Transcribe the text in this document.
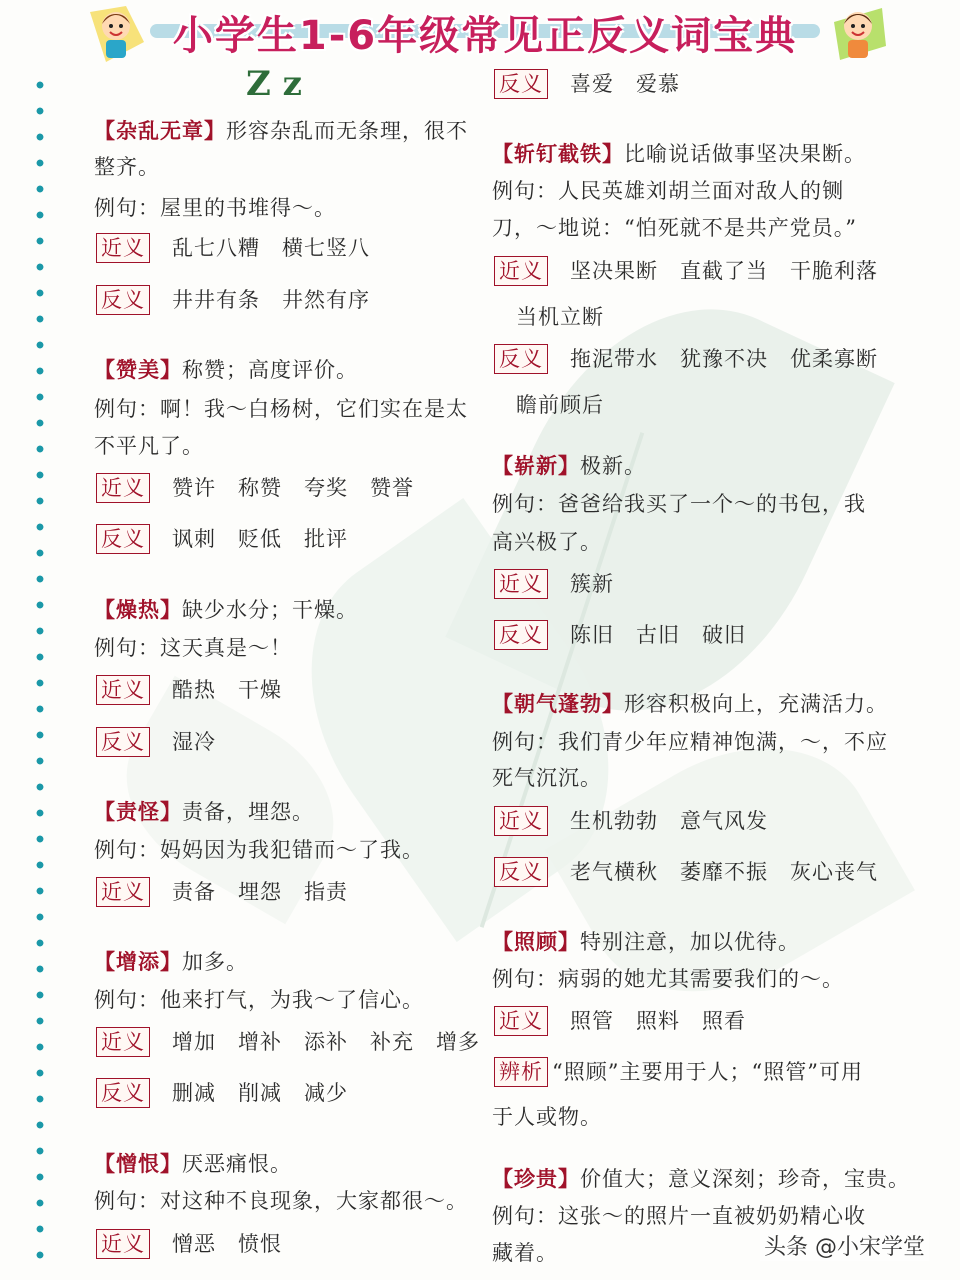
小学生1-6年级常见正反义词宝典
Z z
【杂乱无章】形容杂乱而无条理，很不
整齐。
例句：屋里的书堆得～。
近义 乱七八糟 横七竖八
反义 井井有条 井然有序
【赞美】称赞；高度评价。
例句：啊！我～白杨树，它们实在是太
不平凡了。
近义 赞许 称赞 夸奖 赞誉
反义 讽刺 贬低 批评
【燥热】缺少水分；干燥。
例句：这天真是～！
近义 酷热 干燥
反义 湿冷
【责怪】责备，埋怨。
例句：妈妈因为我犯错而～了我。
近义 责备 埋怨 指责
【增添】加多。
例句：他来打气，为我～了信心。
近义 增加 增补 添补 补充 增多
反义 删减 削减 减少
【憎恨】厌恶痛恨。
例句：对这种不良现象，大家都很～。
近义 憎恶 愤恨
反义 喜爱 爱慕
【斩钉截铁】比喻说话做事坚决果断。
例句：人民英雄刘胡兰面对敌人的铡
刀，～地说：“怕死就不是共产党员。”
近义 坚决果断 直截了当 干脆利落
当机立断
反义 拖泥带水 犹豫不决 优柔寡断
瞻前顾后
【崭新】极新。
例句：爸爸给我买了一个～的书包，我
高兴极了。
近义 簇新
反义 陈旧 古旧 破旧
【朝气蓬勃】形容积极向上，充满活力。
例句：我们青少年应精神饱满，～，不应
死气沉沉。
近义 生机勃勃 意气风发
反义 老气横秋 萎靡不振 灰心丧气
【照顾】特别注意，加以优待。
例句：病弱的她尤其需要我们的～。
近义 照管 照料 照看
辨析 “照顾”主要用于人；“照管”可用
于人或物。
【珍贵】价值大；意义深刻；珍奇，宝贵。
例句：这张～的照片一直被奶奶精心收
藏着。	头条 @小宋学堂
